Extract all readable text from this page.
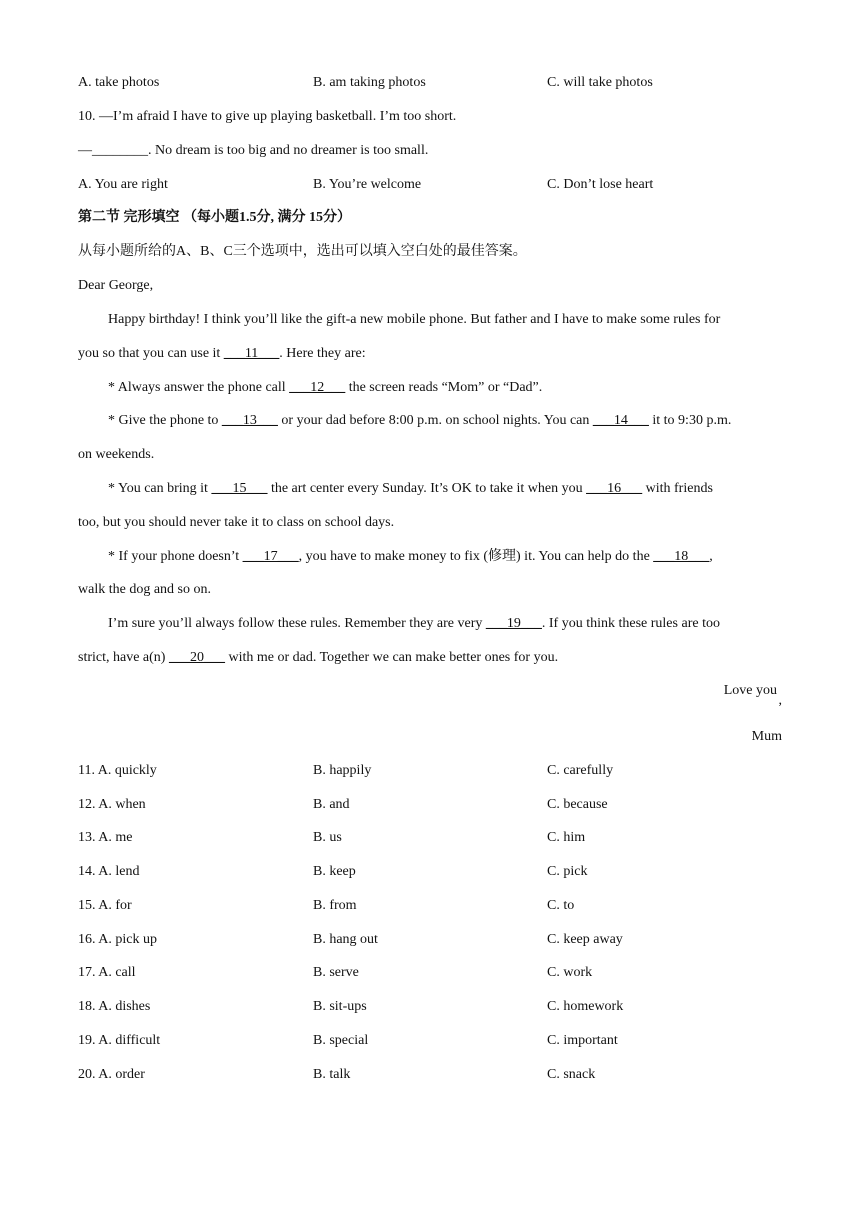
A. take photos	B. am taking photos	C. will take photos
10. —I’m afraid I have to give up playing basketball. I’m too short.
—________. No dream is too big and no dreamer is too small.
A. You are right	B. You’re welcome	C. Don’t lose heart
第二节 完形填空 （每小题1.5分, 满分 15分）
从每小题所给的A、B、C三个选项中，选出可以填入空白处的最佳答案。
Dear George,
Happy birthday! I think you’ll like the gift-a new mobile phone. But father and I have to make some rules for
you so that you can use it ___11___. Here they are:
* Always answer the phone call ___12___ the screen reads “Mom” or “Dad”.
* Give the phone to ___13___ or your dad before 8:00 p.m. on school nights. You can ___14___ it to 9:30 p.m.
on weekends.
* You can bring it ___15___ the art center every Sunday. It’s OK to take it when you ___16___ with friends
too, but you should never take it to class on school days.
* If your phone doesn’t ___17___, you have to make money to fix (修理) it. You can help do the ___18___,
walk the dog and so on.
I’m sure you’ll always follow these rules. Remember they are very ___19___. If you think these rules are too
strict, have a(n) ___20___ with me or dad. Together we can make better ones for you.
Love you
,
Mum
11. A. quickly	B. happily	C. carefully
12. A. when	B. and	C. because
13. A. me	B. us	C. him
14. A. lend	B. keep	C. pick
15. A. for	B. from	C. to
16. A. pick up	B. hang out	C. keep away
17. A. call	B. serve	C. work
18. A. dishes	B. sit-ups	C. homework
19. A. difficult	B. special	C. important
20. A. order	B. talk	C. snack
